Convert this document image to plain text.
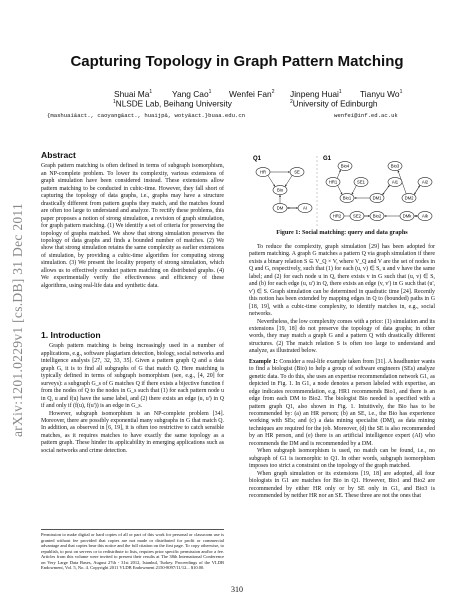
arXiv:1201.0229v1 [cs.DB] 31 Dec 2011
Capturing Topology in Graph Pattern Matching
Shuai Ma$^1$ Yang Cao$^1$ Wenfei Fan$^2$ Jinpeng Huai$^1$ Tianyu Wo$^1$
$^1$NLSDE Lab, Beihang University	$^2$University of Edinburgh
{mashuai&act., caoyang&act., huaijp&, woty&act.}buaa.edu.cn	wenfei@inf.ed.ac.uk
Abstract

Graph pattern matching is often defined in terms of subgraph isomorphism, an NP-complete problem. To lower its complexity, various extensions of graph simulation have been considered instead. These extensions allow pattern matching to be conducted in cubic-time. However, they fall short of capturing the topology of data graphs, i.e., graphs may have a structure drastically different from pattern graphs they match, and the matches found are often too large to understand and analyze. To rectify these problems, this paper proposes a notion of strong simulation, a revision of graph simulation, for graph pattern matching. (1) We identify a set of criteria for preserving the topology of graphs matched. We show that strong simulation preserves the topology of data graphs and finds a bounded number of matches. (2) We show that strong simulation retains the same complexity as earlier extensions of simulation, by providing a cubic-time algorithm for computing strong simulation. (3) We present the locality property of strong simulation, which allows us to effectively conduct pattern matching on distributed graphs. (4) We experimentally verify the effectiveness and efficiency of these algorithms, using real-life data and synthetic data.

1. Introduction

Graph pattern matching is being increasingly used in a number of applications, e.g., software plagiarism detection, biology, social networks and intelligence analysis [27, 32, 33, 35]. Given a pattern graph Q and a data graph G, it is to find all subgraphs of G that match Q. Here matching is typically defined in terms of subgraph isomorphism (see, e.g., [4, 20] for surveys): a subgraph G_s of G matches Q if there exists a bijective function f from the nodes of Q to the nodes in G_s such that (1) for each pattern node u in Q, u and f(u) have the same label, and (2) there exists an edge (u, u') in Q if and only if (f(u), f(u')) is an edge in G_s.

However, subgraph isomorphism is an NP-complete problem [34]. Moreover, there are possibly exponential many subgraphs in G that match Q. In addition, as observed in [6, 19], it is often too restrictive to catch sensible matches, as it requires matches to have exactly the same topology as a pattern graph. These hinder its applicability in emerging applications such as social networks and crime detection.

Permission to make digital or hard copies of all or part of this work for personal or classroom use is granted without fee provided that copies are not made or distributed for profit or commercial advantage and that copies bear this notice and the full citation on the first page. To copy otherwise, to republish, to post on servers or to redistribute to lists, requires prior specific permission and/or a fee. Articles from this volume were invited to present their results at The 38th International Conference on Very Large Data Bases, August 27th - 31st 2012, Istanbul, Turkey. Proceedings of the VLDB Endowment, Vol. 5, No. 4. Copyright 2011 VLDB Endowment 2150-8097/11/12... $10.00.
Q1	G1
HR	SE
Bio
DM	AI
Bio4
HR1	SE1
Bio1	DM1
AI1
Bio3
DM2
AI2
Bio2
HR2	SE2	DMk	AIk
Figure 1: Social matching: query and data graphs

To reduce the complexity, graph simulation [29] has been adopted for pattern matching. A graph G matches a pattern Q via graph simulation if there exists a binary relation S ⊆ V_Q × V, where V_Q and V are the set of nodes in Q and G, respectively, such that (1) for each (u, v) ∈ S, u and v have the same label; and (2) for each node u in Q, there exists v in G such that (u, v) ∈ S, and (b) for each edge (u, u') in Q, there exists an edge (v, v') in G such that (u', v') ∈ S. Graph simulation can be determined in quadratic time [24]. Recently this notion has been extended by mapping edges in Q to (bounded) paths in G [18, 19], with a cubic-time complexity, to identify matches in, e.g., social networks.

Nevertheless, the low complexity comes with a price: (1) simulation and its extensions [19, 18] do not preserve the topology of data graphs; in other words, they may match a graph G and a pattern Q with drastically different structures. (2) The match relation S is often too large to understand and analyze, as illustrated below.

Example 1: Consider a real-life example taken from [31]. A headhunter wants to find a biologist (Bio) to help a group of software engineers (SEs) analyze genetic data. To do this, she uses an expertise recommendation network G1, as depicted in Fig. 1. In G1, a node denotes a person labeled with expertise, an edge indicates recommendation, e.g. HR1 recommends Bio1, and there is an edge from each DM to Bio2. The biologist Bio needed is specified with a pattern graph Q1, also shown in Fig. 1. Intuitively, the Bio has to be recommended by: (a) an HR person; (b) an SE, i.e., the Bio has experience working with SEs; and (c) a data mining specialist (DM), as data mining techniques are required for the job. Moreover, (d) the SE is also recommended by an HR person, and (e) there is an artificial intelligence expert (AI) who recommends the DM and is recommended by a DM.

When subgraph isomorphism is used, no match can be found, i.e., no subgraph of G1 is isomorphic to Q1. In other words, subgraph isomorphism imposes too strict a constraint on the topology of the graph matched.

When graph simulation or its extensions [19, 18] are adopted, all four biologists in G1 are matches for Bio in Q1. However, Bio1 and Bio2 are recommended by either HR only or by SE only in G1, and Bio3 is recommended by neither HR nor an SE. These three are not the ones that

310
